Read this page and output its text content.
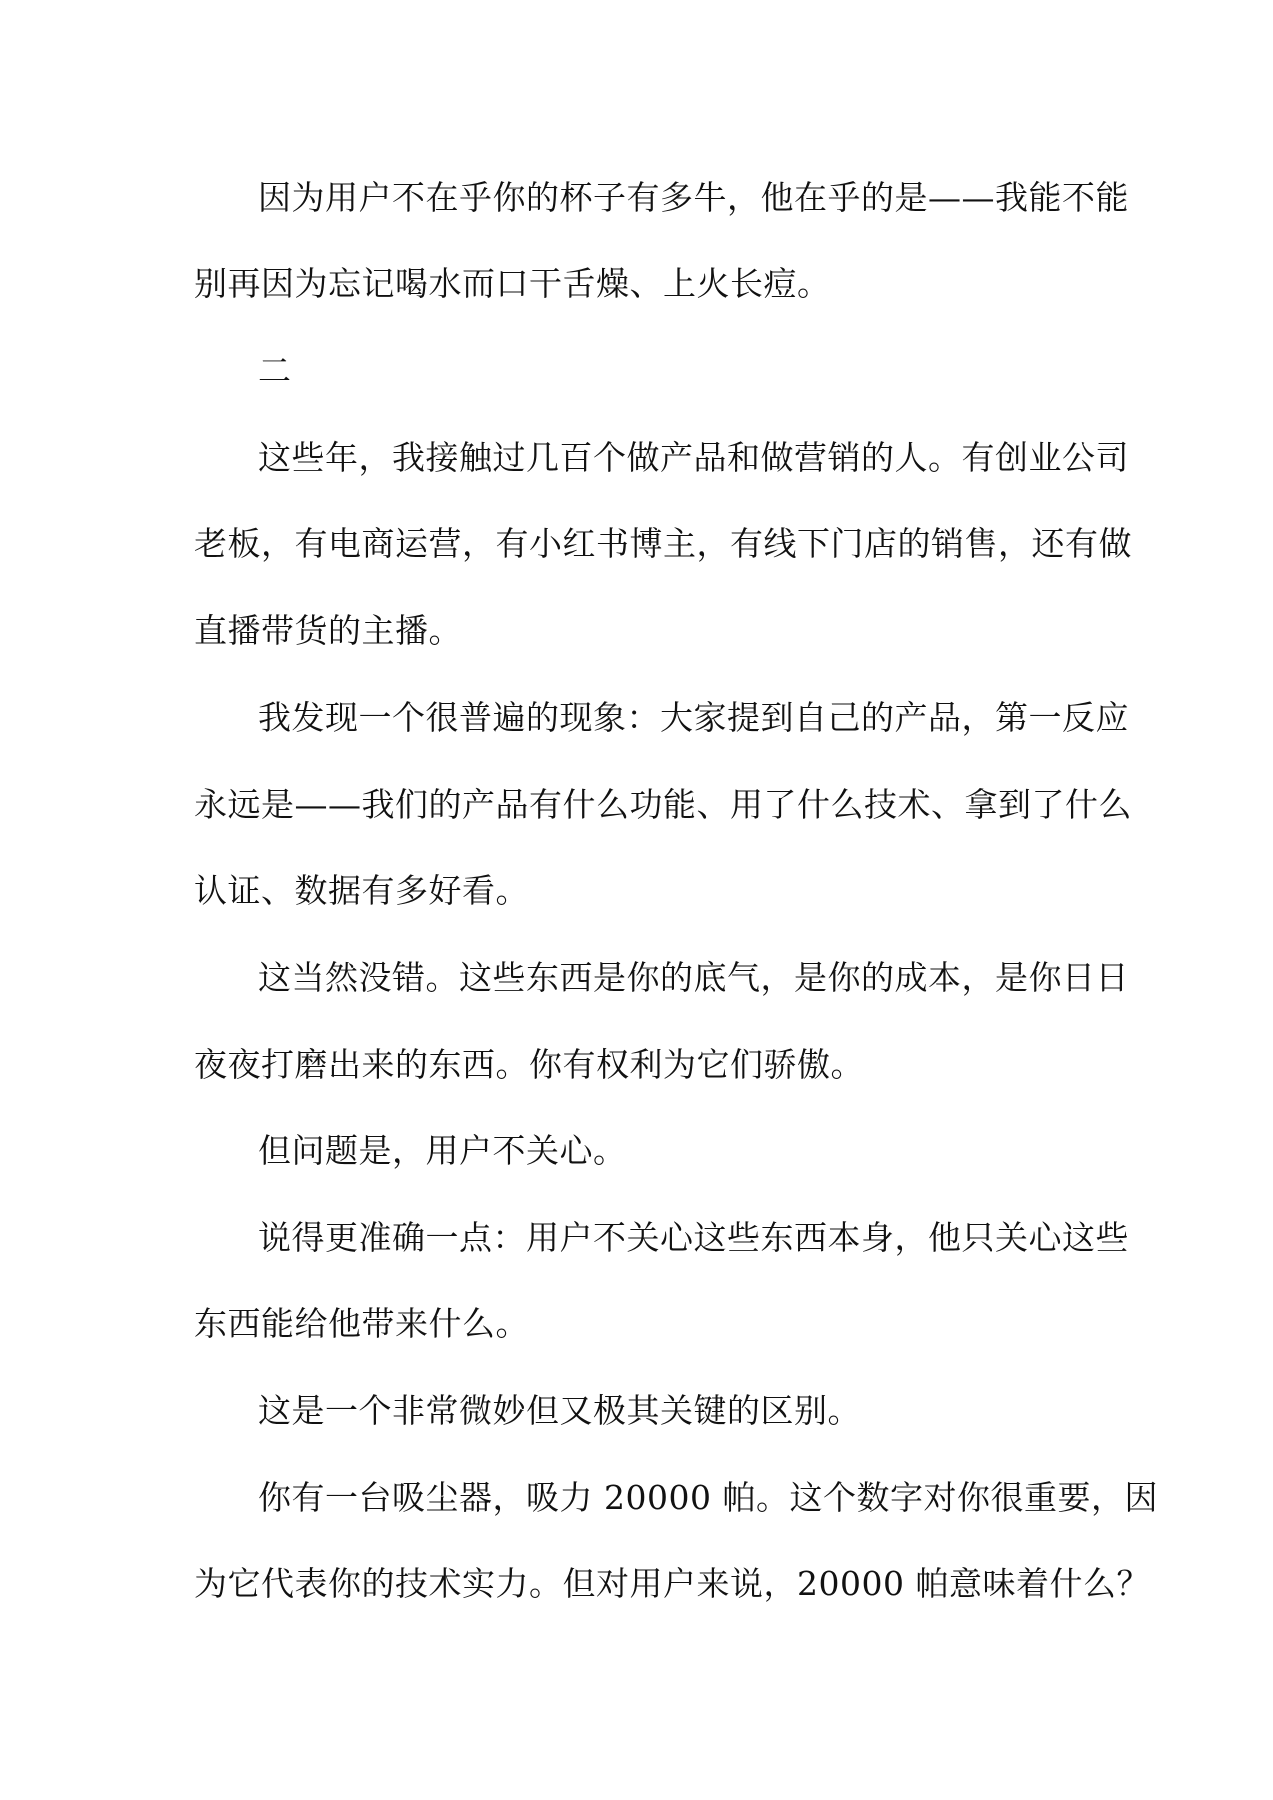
因为用户不在乎你的杯子有多牛，他在乎的是——我能不能
别再因为忘记喝水而口干舌燥、上火长痘。
二
这些年，我接触过几百个做产品和做营销的人。有创业公司
老板，有电商运营，有小红书博主，有线下门店的销售，还有做
直播带货的主播。
我发现一个很普遍的现象：大家提到自己的产品，第一反应
永远是——我们的产品有什么功能、用了什么技术、拿到了什么
认证、数据有多好看。
这当然没错。这些东西是你的底气，是你的成本，是你日日
夜夜打磨出来的东西。你有权利为它们骄傲。
但问题是，用户不关心。
说得更准确一点：用户不关心这些东西本身，他只关心这些
东西能给他带来什么。
这是一个非常微妙但又极其关键的区别。
你有一台吸尘器，吸力 20000 帕。这个数字对你很重要，因
为它代表你的技术实力。但对用户来说，20000 帕意味着什么？
